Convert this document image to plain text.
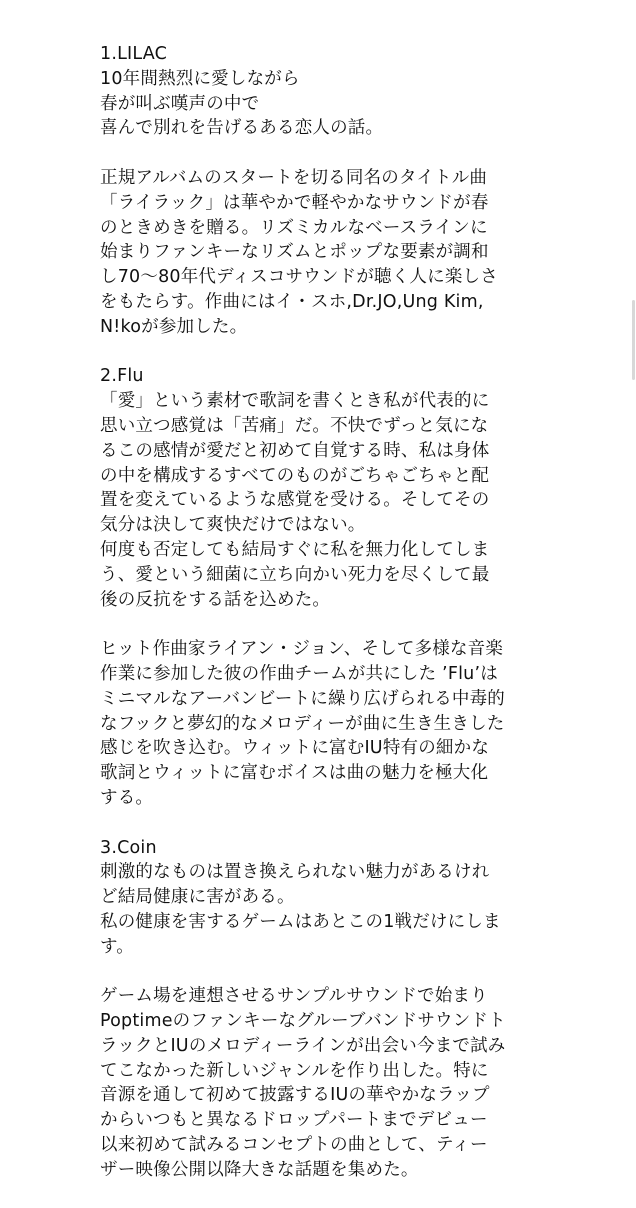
1.LILAC
10年間熱烈に愛しながら
春が叫ぶ嘆声の中で
喜んで別れを告げるある恋人の話。
正規アルバムのスタートを切る同名のタイトル曲
「ライラック」は華やかで軽やかなサウンドが春
のときめきを贈る。リズミカルなベースラインに
始まりファンキーなリズムとポップな要素が調和
し70〜80年代ディスコサウンドが聴く人に楽しさ
をもたらす。作曲にはイ・スホ,Dr.JO,Ung Kim,
N!koが参加した。
2.Flu
「愛」という素材で歌詞を書くとき私が代表的に
思い立つ感覚は「苦痛」だ。不快でずっと気にな
るこの感情が愛だと初めて自覚する時、私は身体
の中を構成するすべてのものがごちゃごちゃと配
置を変えているような感覚を受ける。そしてその
気分は決して爽快だけではない。
何度も否定しても結局すぐに私を無力化してしま
う、愛という細菌に立ち向かい死力を尽くして最
後の反抗をする話を込めた。
ヒット作曲家ライアン・ジョン、そして多様な音楽
作業に参加した彼の作曲チームが共にした ’Flu’は
ミニマルなアーバンビートに繰り広げられる中毒的
なフックと夢幻的なメロディーが曲に生き生きした
感じを吹き込む。ウィットに富むIU特有の細かな
歌詞とウィットに富むボイスは曲の魅力を極大化
する。
3.Coin
刺激的なものは置き換えられない魅力があるけれ
ど結局健康に害がある。
私の健康を害するゲームはあとこの1戦だけにしま
す。
ゲーム場を連想させるサンプルサウンドで始まり
Poptimeのファンキーなグルーブバンドサウンドト
ラックとIUのメロディーラインが出会い今まで試み
てこなかった新しいジャンルを作り出した。特に
音源を通して初めて披露するIUの華やかなラップ
からいつもと異なるドロップパートまでデビュー
以来初めて試みるコンセプトの曲として、ティー
ザー映像公開以降大きな話題を集めた。
